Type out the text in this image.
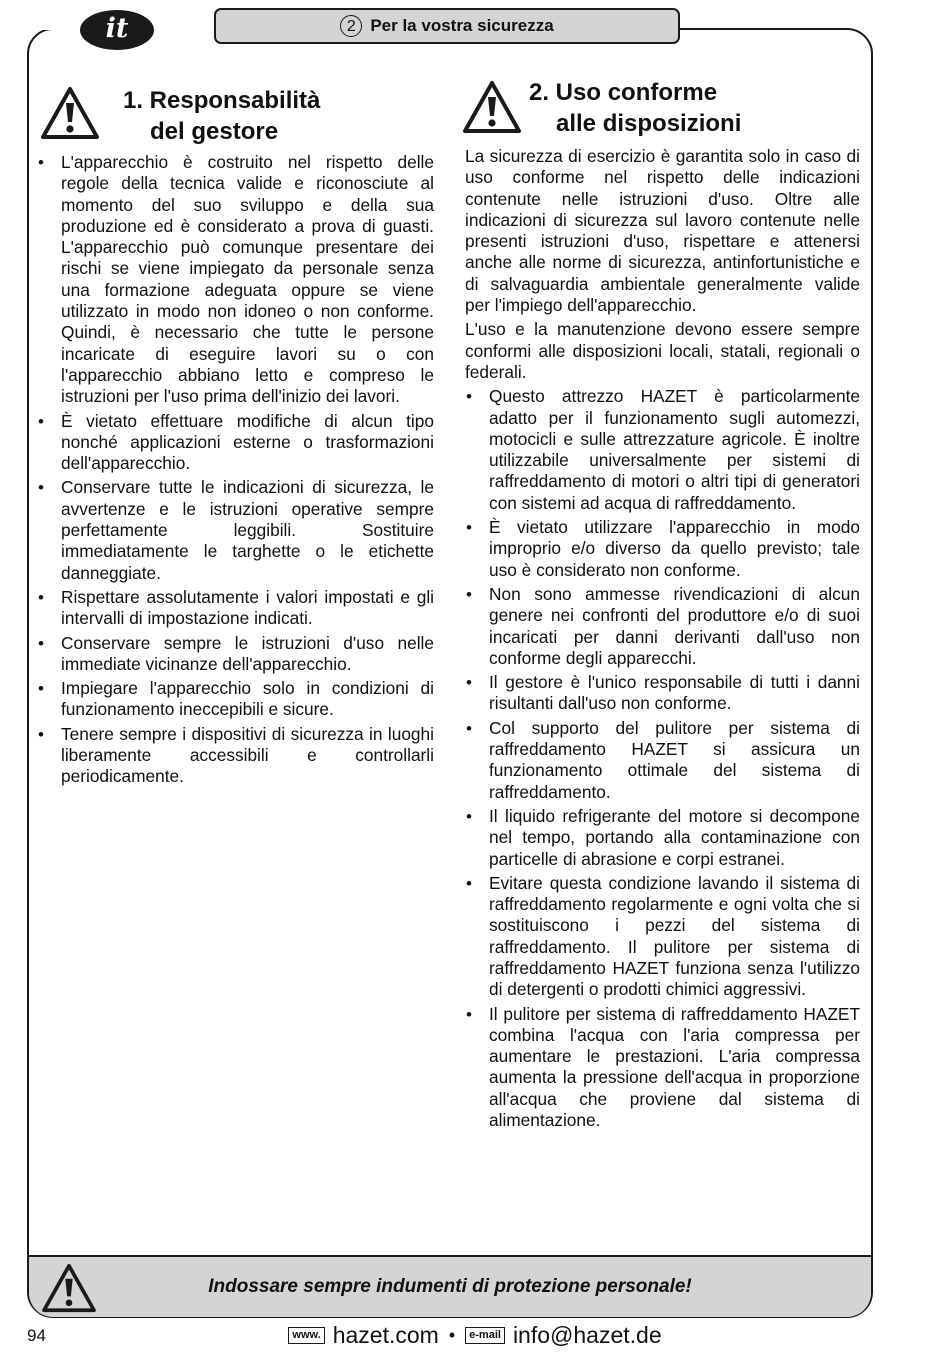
it	2 Per la vostra sicurezza
1. Responsabilità
del gestore
2. Uso conforme
alle disposizioni
• L'apparecchio è costruito nel rispetto delle regole della tecnica valide e riconosciute al momento del suo sviluppo e della sua produzione ed è considerato a prova di guasti. L'apparecchio può comunque presentare dei rischi se viene impiegato da personale senza una formazione adeguata oppure se viene utilizzato in modo non idoneo o non conforme. Quindi, è necessario che tutte le persone incaricate di eseguire lavori su o con l'apparecchio abbiano letto e compreso le istruzioni per l'uso prima dell'inizio dei lavori.
• È vietato effettuare modifiche di alcun tipo nonché applicazioni esterne o trasformazioni dell'apparecchio.
• Conservare tutte le indicazioni di sicurezza, le avvertenze e le istruzioni operative sempre perfettamente leggibili. Sostituire immediatamente le targhette o le etichette danneggiate.
• Rispettare assolutamente i valori impostati e gli intervalli di impostazione indicati.
• Conservare sempre le istruzioni d'uso nelle immediate vicinanze dell'apparecchio.
• Impiegare l'apparecchio solo in condizioni di funzionamento ineccepibili e sicure.
• Tenere sempre i dispositivi di sicurezza in luoghi liberamente accessibili e controllarli periodicamente.

La sicurezza di esercizio è garantita solo in caso di uso conforme nel rispetto delle indicazioni contenute nelle istruzioni d'uso. Oltre alle indicazioni di sicurezza sul lavoro contenute nelle presenti istruzioni d'uso, rispettare e attenersi anche alle norme di sicurezza, antinfortunistiche e di salvaguardia ambientale generalmente valide per l'impiego dell'apparecchio.

L'uso e la manutenzione devono essere sempre conformi alle disposizioni locali, statali, regionali o federali.

• Questo attrezzo HAZET è particolarmente adatto per il funzionamento sugli automezzi, motocicli e sulle attrezzature agricole. È inoltre utilizzabile universalmente per sistemi di raffreddamento di motori o altri tipi di generatori con sistemi ad acqua di raffreddamento.
• È vietato utilizzare l'apparecchio in modo improprio e/o diverso da quello previsto; tale uso è considerato non conforme.
• Non sono ammesse rivendicazioni di alcun genere nei confronti del produttore e/o di suoi incaricati per danni derivanti dall'uso non conforme degli apparecchi.
• Il gestore è l'unico responsabile di tutti i danni risultanti dall'uso non conforme.
• Col supporto del pulitore per sistema di raffreddamento HAZET si assicura un funzionamento ottimale del sistema di raffreddamento.
• Il liquido refrigerante del motore si decompone nel tempo, portando alla contaminazione con particelle di abrasione e corpi estranei.
• Evitare questa condizione lavando il sistema di raffreddamento regolarmente e ogni volta che si sostituiscono i pezzi del sistema di raffreddamento. Il pulitore per sistema di raffreddamento HAZET funziona senza l'utilizzo di detergenti o prodotti chimici aggressivi.
• Il pulitore per sistema di raffreddamento HAZET combina l'acqua con l'aria compressa per aumentare le prestazioni. L'aria compressa aumenta la pressione dell'acqua in proporzione all'acqua che proviene dal sistema di alimentazione.
Indossare sempre indumenti di protezione personale!
94	www. hazet.com •	e-mail info@hazet.de
